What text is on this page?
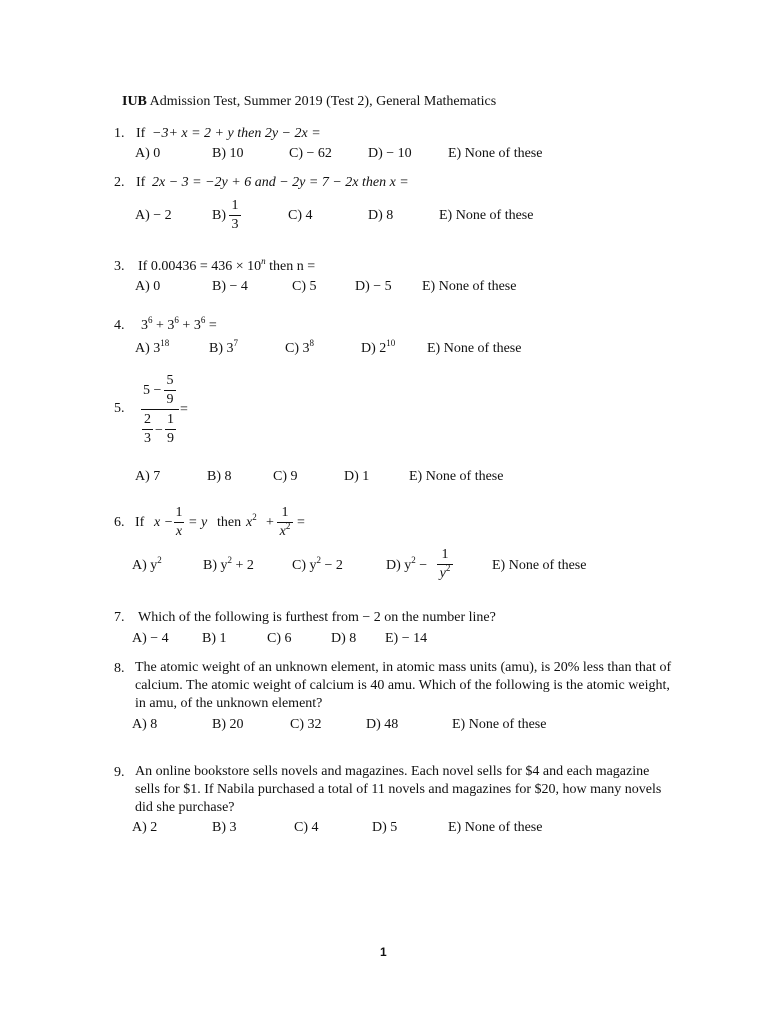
IUB Admission Test, Summer 2019 (Test 2), General Mathematics
1. If −3+ x = 2 + y then 2y − 2x =
A) 0	B) 10	C) − 62	D) − 10	E) None of these
2. If 2x − 3 = −2y + 6 and − 2y = 7 − 2x then x =
A) − 2	B)
1
3
C) 4	D) 8	E) None of these
3. If $0.00436 = 436 \times 10^n$ then n =
A) 0	B) − 4	C) 5	D) − 5 E) None of these
4. $3^6 + 3^6 + 3^6$ =
A) $3^{18}$	B) $3^7$	C) $3^8$	D) $2^{10}$ E) None of these
5.
5 −
5
9
=
2
3
−
1
9
A) 7	B) 8	C) 9	D) 1	E) None of these
6. If x −
1
x
= y then $x^2$ +
1
$x^2$ =
A) $y^2$	B) $y^2 + 2$	C) $y^2 - 2$	D) $y^2$ −
1
$y^2$	E) None of these
7. Which of the following is furthest from − 2 on the number line?
A) − 4 B) 1	C) 6	D) 8 E) − 14
8. The atomic weight of an unknown element, in atomic mass units (amu), is 20% less than that of calcium. The atomic weight of calcium is 40 amu. Which of the following is the atomic weight, in amu, of the unknown element?
A) 8	B) 20	C) 32	D) 48	E) None of these
9. An online bookstore sells novels and magazines. Each novel sells for $4 and each magazine sells for $1. If Nabila purchased a total of 11 novels and magazines for $20, how many novels did she purchase?
A) 2	B) 3	C) 4	D) 5	E) None of these
1
